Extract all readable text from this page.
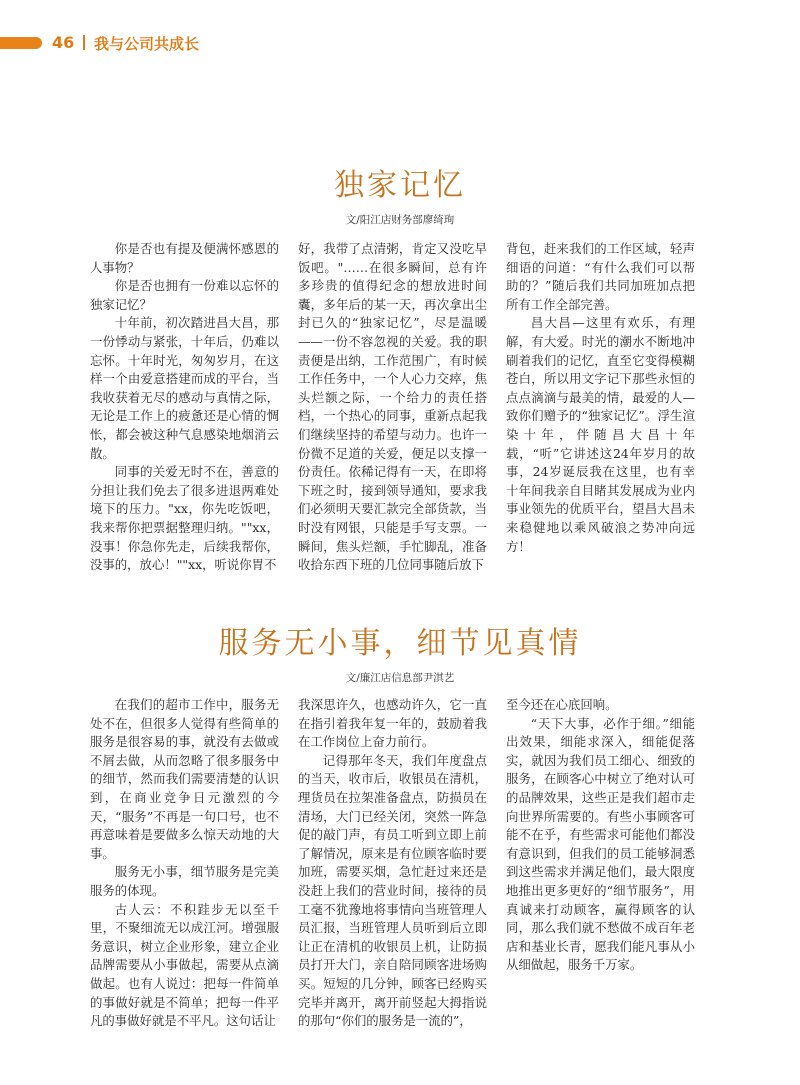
46 我与公司共成长
独家记忆
文/阳江店财务部廖绮珣

你是否也有提及便满怀感恩的人事物？

你是否也拥有一份难以忘怀的独家记忆？

十年前，初次踏进昌大昌，那一份悸动与紧张，十年后，仍难以忘怀。十年时光，匆匆岁月，在这样一个由爱意搭建而成的平台，当我收获着无尽的感动与真情之际，无论是工作上的疲惫还是心情的惆怅，都会被这种气息感染地烟消云散。

同事的关爱无时不在，善意的分担让我们免去了很多进退两难处境下的压力。"xx，你先吃饭吧，我来帮你把票据整理归纳。""xx，没事！你急你先走，后续我帮你，没事的，放心！""xx，听说你胃不

好，我带了点清粥，肯定又没吃早饭吧。"……在很多瞬间，总有许多珍贵的值得纪念的想放进时间囊，多年后的某一天，再次拿出尘封已久的“独家记忆”，尽是温暖——一份不容忽视的关爱。我的职责便是出纳，工作范围广，有时候工作任务中，一个人心力交瘁，焦头烂额之际，一个给力的责任搭档，一个热心的同事，重新点起我们继续坚持的希望与动力。也许一份微不足道的关爱，便足以支撑一份责任。依稀记得有一天，在即将下班之时，接到领导通知，要求我们必须明天要汇款完全部货款，当时没有网银，只能是手写支票。一瞬间，焦头烂额，手忙脚乱，准备收拾东西下班的几位同事随后放下

背包，赶来我们的工作区域，轻声细语的问道：“有什么我们可以帮助的？”随后我们共同加班加点把所有工作全部完善。

昌大昌—这里有欢乐，有理解，有大爱。时光的潮水不断地冲刷着我们的记忆，直至它变得模糊苍白，所以用文字记下那些永恒的点点滴滴与最美的情，最爱的人—致你们赠予的“独家记忆”。浮生渲染十年，伴随昌大昌十年载，“听”它讲述这24年岁月的故事，24岁诞辰我在这里，也有幸十年间我亲自目睹其发展成为业内事业领先的优质平台，望昌大昌未来稳健地以乘风破浪之势冲向远方！

服务无小事，细节见真情
文/廉江店信息部尹淇艺

在我们的超市工作中，服务无处不在，但很多人觉得有些简单的服务是很容易的事，就没有去做或不屑去做，从而忽略了很多服务中的细节，然而我们需要清楚的认识到，在商业竞争日元激烈的今天，“服务”不再是一句口号，也不再意味着是要做多么惊天动地的大事。

服务无小事，细节服务是完美服务的体现。

古人云：不积跬步无以至千里，不聚细流无以成江河。增强服务意识，树立企业形象，建立企业品牌需要从小事做起，需要从点滴做起。也有人说过：把每一件简单的事做好就是不简单；把每一件平凡的事做好就是不平凡。这句话让

我深思许久，也感动许久，它一直在指引着我年复一年的，鼓励着我在工作岗位上奋力前行。

记得那年冬天，我们年度盘点的当天，收市后，收银员在清机，理货员在拉架准备盘点，防损员在清场，大门已经关闭，突然一阵急促的敲门声，有员工听到立即上前了解情况，原来是有位顾客临时要加班，需要买烟，急忙赶过来还是没赶上我们的营业时间，接待的员工毫不犹豫地将事情向当班管理人员汇报，当班管理人员听到后立即让正在清机的收银员上机，让防损员打开大门，亲自陪同顾客进场购买。短短的几分钟，顾客已经购买完毕并离开，离开前竖起大拇指说的那句“你们的服务是一流的”，

至今还在心底回响。

“天下大事，必作于细。”细能出效果，细能求深入，细能促落实，就因为我们员工细心、细致的服务，在顾客心中树立了绝对认可的品牌效果，这些正是我们超市走向世界所需要的。有些小事顾客可能不在乎，有些需求可能他们都没有意识到，但我们的员工能够洞悉到这些需求并满足他们，最大限度地推出更多更好的“细节服务”，用真诚来打动顾客，赢得顾客的认同，那么我们就不愁做不成百年老店和基业长青，愿我们能凡事从小从细做起，服务千万家。
